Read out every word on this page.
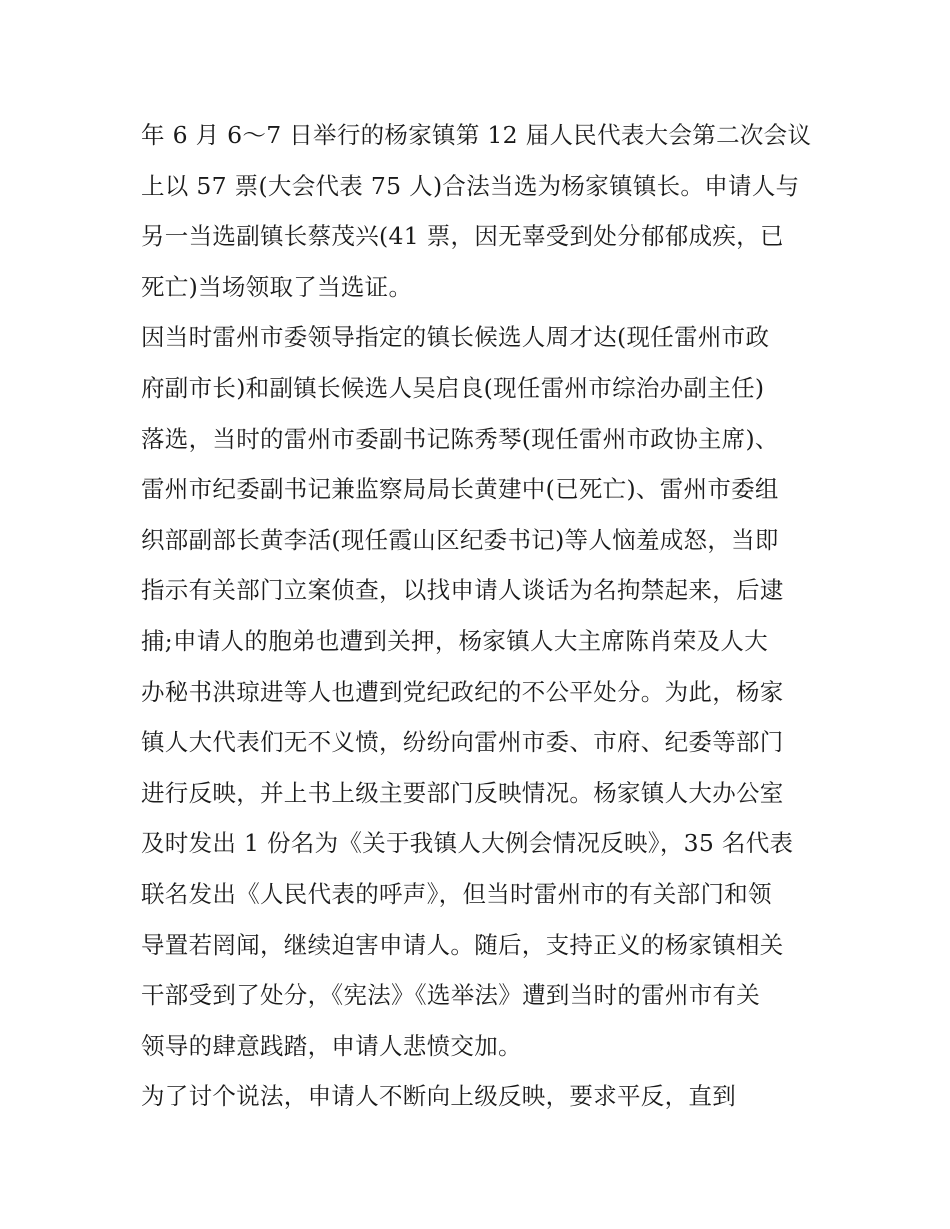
年 6 月 6～7 日举行的杨家镇第 12 届人民代表大会第二次会议
上以 57 票(大会代表 75 人)合法当选为杨家镇镇长。申请人与
另一当选副镇长蔡茂兴(41 票，因无辜受到处分郁郁成疾，已
死亡)当场领取了当选证。
因当时雷州市委领导指定的镇长候选人周才达(现任雷州市政
府副市长)和副镇长候选人吴启良(现任雷州市综治办副主任)
落选，当时的雷州市委副书记陈秀琴(现任雷州市政协主席)、
雷州市纪委副书记兼监察局局长黄建中(已死亡)、雷州市委组
织部副部长黄李活(现任霞山区纪委书记)等人恼羞成怒，当即
指示有关部门立案侦查，以找申请人谈话为名拘禁起来，后逮
捕;申请人的胞弟也遭到关押，杨家镇人大主席陈肖荣及人大
办秘书洪琼进等人也遭到党纪政纪的不公平处分。为此，杨家
镇人大代表们无不义愤，纷纷向雷州市委、市府、纪委等部门
进行反映，并上书上级主要部门反映情况。杨家镇人大办公室
及时发出 1 份名为《关于我镇人大例会情况反映》，35 名代表
联名发出《人民代表的呼声》，但当时雷州市的有关部门和领
导置若罔闻，继续迫害申请人。随后，支持正义的杨家镇相关
干部受到了处分，《宪法》《选举法》遭到当时的雷州市有关
领导的肆意践踏，申请人悲愤交加。
为了讨个说法，申请人不断向上级反映，要求平反，直到
